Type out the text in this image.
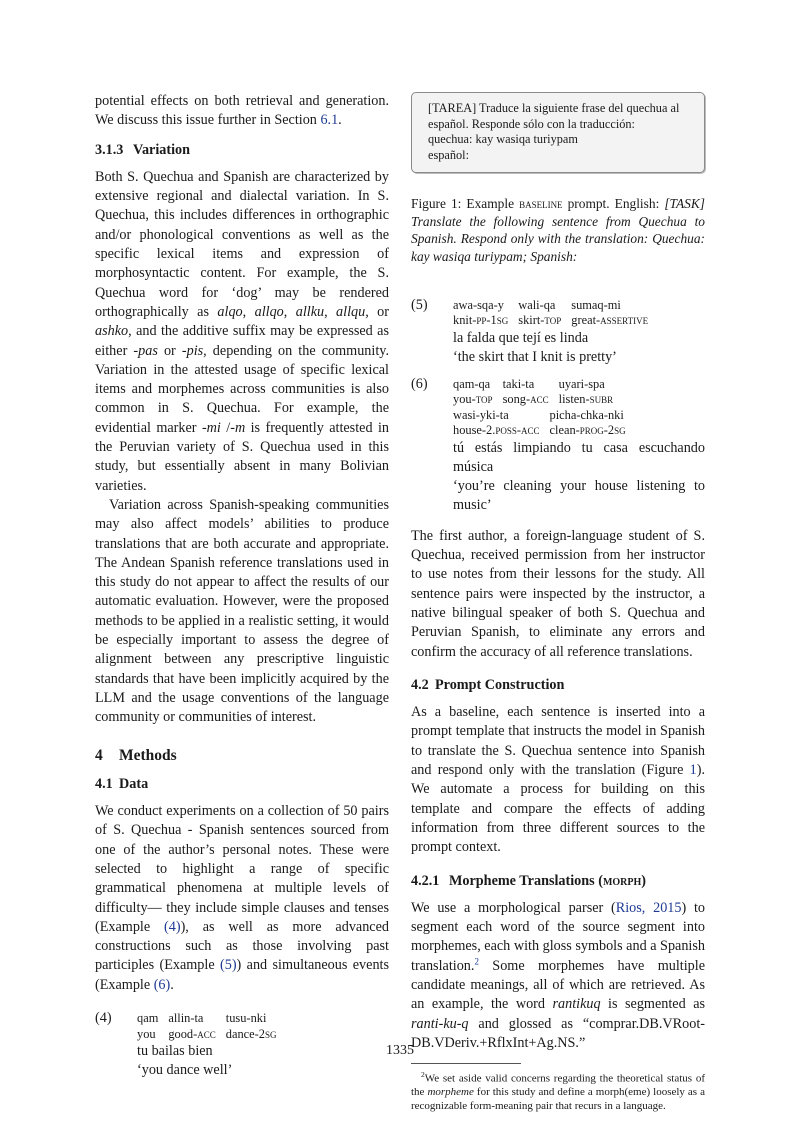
potential effects on both retrieval and generation. We discuss this issue further in Section 6.1.

3.1.3 Variation

Both S. Quechua and Spanish are characterized by extensive regional and dialectal variation. In S. Quechua, this includes differences in orthographic and/or phonological conventions as well as the specific lexical items and expression of morphosyntactic content. For example, the S. Quechua word for ‘dog’ may be rendered orthographically as alqo, allqo, allku, allqu, or ashko, and the additive suffix may be expressed as either -pas or -pis, depending on the community. Variation in the attested usage of specific lexical items and morphemes across communities is also common in S. Quechua. For example, the evidential marker -mi /-m is frequently attested in the Peruvian variety of S. Quechua used in this study, but essentially absent in many Bolivian varieties.

Variation across Spanish-speaking communities may also affect models’ abilities to produce translations that are both accurate and appropriate. The Andean Spanish reference translations used in this study do not appear to affect the results of our automatic evaluation. However, were the proposed methods to be applied in a realistic setting, it would be especially important to assess the degree of alignment between any prescriptive linguistic standards that have been implicitly acquired by the LLM and the usage conventions of the language community or communities of interest.

4 Methods
4.1 Data

We conduct experiments on a collection of 50 pairs of S. Quechua - Spanish sentences sourced from one of the author’s personal notes. These were selected to highlight a range of specific grammatical phenomena at multiple levels of difficulty— they include simple clauses and tenses (Example (4)), as well as more advanced constructions such as those involving past participles (Example (5)) and simultaneous events (Example (6).

(4) qam allin-ta	tusu-nki
you good-acc dance-2sg
tu bailas bien
‘you dance well’
[TAREA] Traduce la siguiente frase del quechua al español. Responde sólo con la traducción:
quechua: kay wasiqa turiypam
español:
Figure 1: Example baseline prompt. English: [TASK] Translate the following sentence from Quechua to Spanish. Respond only with the translation: Quechua: kay wasiqa turiypam; Spanish:
(5) awa-sqa-y	wali-qa	sumaq-mi
knit-pp-1sg skirt-top great-assertive
la falda que tejí es linda
‘the skirt that I knit is pretty’
(6) qam-qa taki-ta	uyari-spa
you-top song-acc listen-subr
wasi-yki-ta	picha-chka-nki
house-2.poss-acc clean-prog-2sg
tú estás limpiando tu casa escuchando música
‘you’re cleaning your house listening to music’

The first author, a foreign-language student of S. Quechua, received permission from her instructor to use notes from their lessons for the study. All sentence pairs were inspected by the instructor, a native bilingual speaker of both S. Quechua and Peruvian Spanish, to eliminate any errors and confirm the accuracy of all reference translations.

4.2 Prompt Construction

As a baseline, each sentence is inserted into a prompt template that instructs the model in Spanish to translate the S. Quechua sentence into Spanish and respond only with the translation (Figure 1). We automate a process for building on this template and compare the effects of adding information from three different sources to the prompt context.

4.2.1 Morpheme Translations (morph)

We use a morphological parser (Rios, 2015) to segment each word of the source segment into morphemes, each with gloss symbols and a Spanish translation.$^2$ Some morphemes have multiple candidate meanings, all of which are retrieved. As an example, the word rantikuq is segmented as ranti-ku-q and glossed as “comprar.DB.VRoot-DB.VDeriv.+RflxInt+Ag.NS.”

$^2$We set aside valid concerns regarding the theoretical status of the morpheme for this study and define a morph(eme) loosely as a recognizable form-meaning pair that recurs in a language.
1335
